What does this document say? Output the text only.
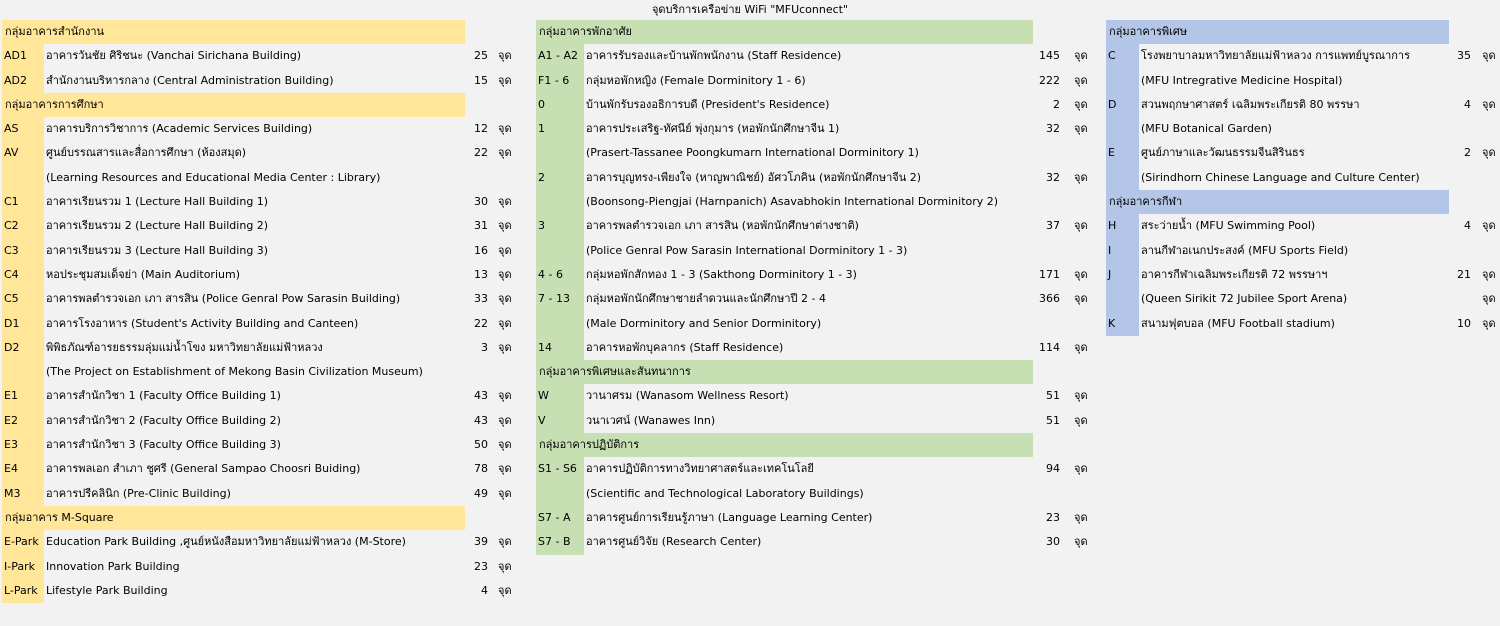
จุดบริการเครือข่าย WiFi "MFUconnect"
กลุ่มอาคารสำนักงาน
AD1	อาคารวันชัย ศิริชนะ (Vanchai Sirichana Building)	25 จุด
AD2	สำนักงานบริหารกลาง (Central Administration Building)	15 จุด
กลุ่มอาคารการศึกษา
AS	อาคารบริการวิชาการ (Academic Services Building)	12 จุด
AV	ศูนย์บรรณสารและสื่อการศึกษา (ห้องสมุด)	22 จุด
(Learning Resources and Educational Media Center : Library)
C1	อาคารเรียนรวม 1 (Lecture Hall Building 1)	30 จุด
C2	อาคารเรียนรวม 2 (Lecture Hall Building 2)	31 จุด
C3	อาคารเรียนรวม 3 (Lecture Hall Building 3)	16 จุด
C4	หอประชุมสมเด็จย่า (Main Auditorium)	13 จุด
C5	อาคารพลตำรวจเอก เภา สารสิน (Police Genral Pow Sarasin Building)	33 จุด
D1	อาคารโรงอาหาร (Student's Activity Building and Canteen)	22 จุด
D2	พิพิธภัณฑ์อารยธรรมลุ่มแม่น้ำโขง มหาวิทยาลัยแม่ฟ้าหลวง	3 จุด
(The Project on Establishment of Mekong Basin Civilization Museum)
E1	อาคารสำนักวิชา 1 (Faculty Office Building 1)	43 จุด
E2	อาคารสำนักวิชา 2 (Faculty Office Building 2)	43 จุด
E3	อาคารสำนักวิชา 3 (Faculty Office Building 3)	50 จุด
E4	อาคารพลเอก สำเภา ชูศรี (General Sampao Choosri Buiding)	78 จุด
M3	อาคารปรีคลินิก (Pre-Clinic Building)	49 จุด
กลุ่มอาคาร M-Square
E-Park Education Park Building ,ศูนย์หนังสือมหาวิทยาลัยแม่ฟ้าหลวง (M-Store)	39 จุด
I-Park	Innovation Park Building	23 จุด
L-Park Lifestyle Park Building	4 จุด
กลุ่มอาคารพักอาศัย
A1 - A2 อาคารรับรองและบ้านพักพนักงาน (Staff Residence)	145 จุด
F1 - 6	กลุ่มหอพักหญิง (Female Dorminitory 1 - 6)	222 จุด
0	บ้านพักรับรองอธิการบดี (President's Residence)	2 จุด
1	อาคารประเสริฐ-ทัศนีย์ พุ่งกุมาร (หอพักนักศึกษาจีน 1)	32 จุด
(Prasert-Tassanee Poongkumarn International Dorminitory 1)
2	อาคารบุญทรง-เพียงใจ (หาญพาณิชย์) อัศวโภคิน (หอพักนักศึกษาจีน 2)	32 จุด
(Boonsong-Piengjai (Harnpanich) Asavabhokin International Dorminitory 2)
3	อาคารพลตำรวจเอก เภา สารสิน (หอพักนักศึกษาต่างชาติ)	37 จุด
(Police Genral Pow Sarasin International Dorminitory 1 - 3)
4 - 6	กลุ่มหอพักสักทอง 1 - 3 (Sakthong Dorminitory 1 - 3)	171 จุด
7 - 13	กลุ่มหอพักนักศึกษาชายลำดวนและนักศึกษาปี 2 - 4	366 จุด
(Male Dorminitory and Senior Dorminitory)
14	อาคารหอพักบุคลากร (Staff Residence)	114 จุด
กลุ่มอาคารพิเศษและสันทนาการ
W	วานาศรม (Wanasom Wellness Resort)	51 จุด
V	วนาเวศน์ (Wanawes Inn)	51 จุด
กลุ่มอาคารปฏิบัติการ
S1 - S6 อาคารปฏิบัติการทางวิทยาศาสตร์และเทคโนโลยี	94 จุด
(Scientific and Technological Laboratory Buildings)
S7 - A	อาคารศูนย์การเรียนรู้ภาษา (Language Learning Center)	23 จุด
S7 - B	อาคารศูนย์วิจัย (Research Center)	30 จุด
กลุ่มอาคารพิเศษ
C	โรงพยาบาลมหาวิทยาลัยแม่ฟ้าหลวง การแพทย์บูรณาการ	35 จุด
(MFU Intregrative Medicine Hospital)
D	สวนพฤกษาศาสตร์ เฉลิมพระเกียรติ 80 พรรษา	4 จุด
(MFU Botanical Garden)
E	ศูนย์ภาษาและวัฒนธรรมจีนสิรินธร	2 จุด
(Sirindhorn Chinese Language and Culture Center)
กลุ่มอาคารกีฬา
H	สระว่ายน้ำ (MFU Swimming Pool)	4 จุด
I	ลานกีฬาอเนกประสงค์ (MFU Sports Field)
J	อาคารกีฬาเฉลิมพระเกียรติ 72 พรรษาฯ	21 จุด
(Queen Sirikit 72 Jubilee Sport Arena)	จุด
K	สนามฟุตบอล (MFU Football stadium)	10 จุด
